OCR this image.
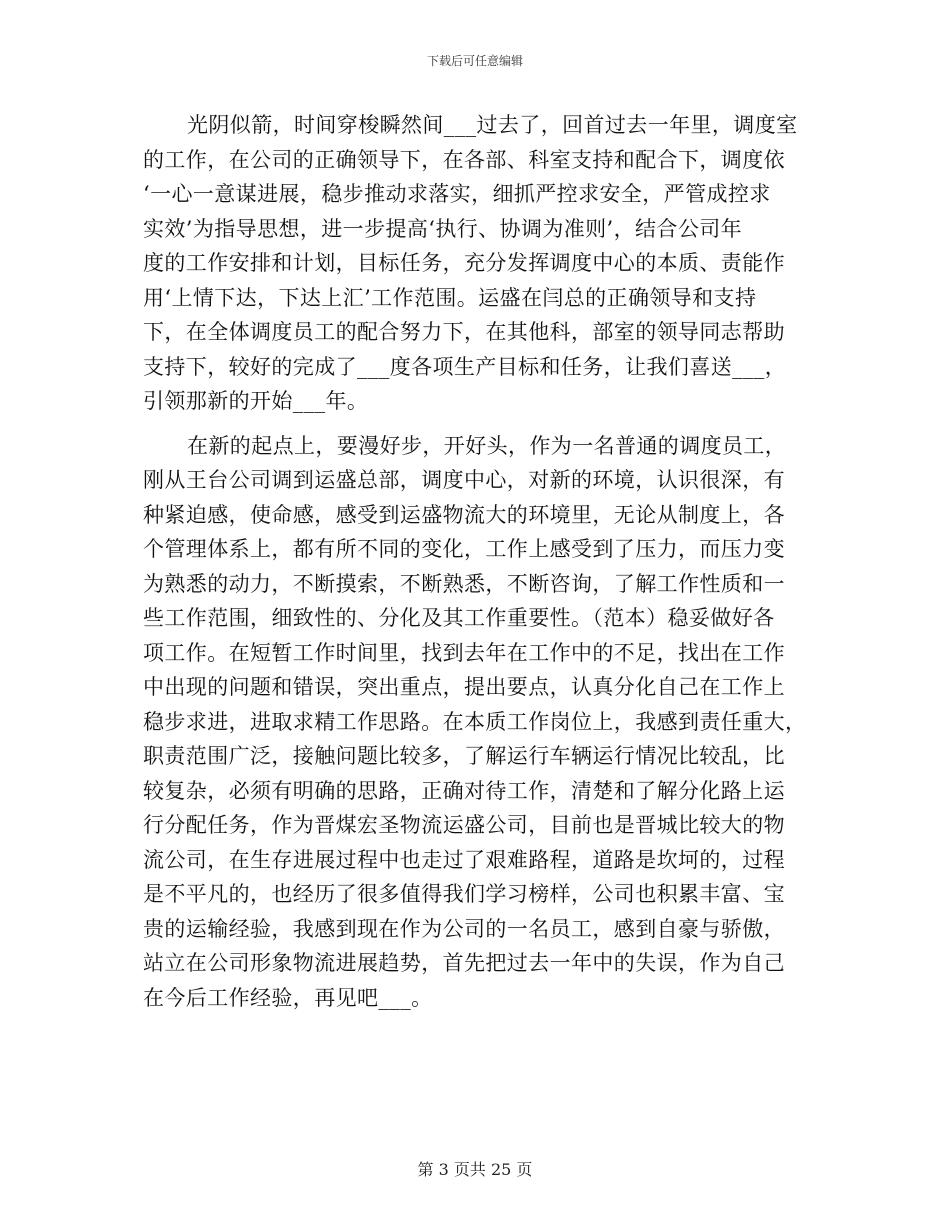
下载后可任意编辑
光阴似箭，时间穿梭瞬然间___过去了，回首过去一年里，调度室
的工作，在公司的正确领导下，在各部、科室支持和配合下，调度依
‘一心一意谋进展，稳步推动求落实，细抓严控求安全，严管成控求
实效’为指导思想，进一步提高‘执行、协调为准则’，结合公司年
度的工作安排和计划，目标任务，充分发挥调度中心的本质、责能作
用‘上情下达，下达上汇’工作范围。运盛在闫总的正确领导和支持
下，在全体调度员工的配合努力下，在其他科，部室的领导同志帮助
支持下，较好的完成了___度各项生产目标和任务，让我们喜送___，
引领那新的开始___年。
在新的起点上，要漫好步，开好头，作为一名普通的调度员工，
刚从王台公司调到运盛总部，调度中心，对新的环境，认识很深，有
种紧迫感，使命感，感受到运盛物流大的环境里，无论从制度上，各
个管理体系上，都有所不同的变化，工作上感受到了压力，而压力变
为熟悉的动力，不断摸索，不断熟悉，不断咨询，了解工作性质和一
些工作范围，细致性的、分化及其工作重要性。（范本）稳妥做好各
项工作。在短暂工作时间里，找到去年在工作中的不足，找出在工作
中出现的问题和错误，突出重点，提出要点，认真分化自己在工作上
稳步求进，进取求精工作思路。在本质工作岗位上，我感到责任重大，
职责范围广泛，接触问题比较多，了解运行车辆运行情况比较乱，比
较复杂，必须有明确的思路，正确对待工作，清楚和了解分化路上运
行分配任务，作为晋煤宏圣物流运盛公司，目前也是晋城比较大的物
流公司，在生存进展过程中也走过了艰难路程，道路是坎坷的，过程
是不平凡的，也经历了很多值得我们学习榜样，公司也积累丰富、宝
贵的运输经验，我感到现在作为公司的一名员工，感到自豪与骄傲，
站立在公司形象物流进展趋势，首先把过去一年中的失误，作为自己
在今后工作经验，再见吧___。
第 3 页共 25 页
